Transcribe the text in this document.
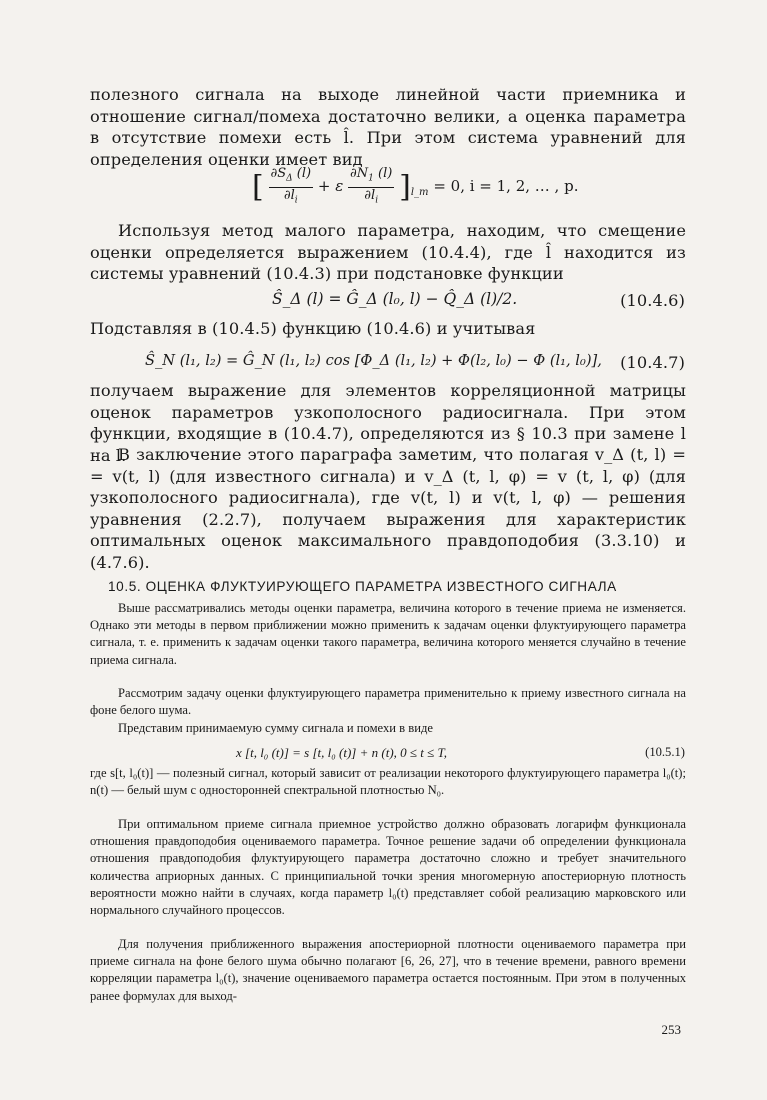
полезного сигнала на выходе линейной части приемника и отношение сигнал/помеха достаточно велики, а оценка параметра в отсутствие помехи есть l̂. При этом система уравнений для определения оценки имеет вид

[ $\frac{\partial S_\Delta (l)}{\partial l_i} + \varepsilon \frac{\partial N_1 (l)}{\partial l_i} ]_{l\_m} = 0$, i = 1, 2, … , p.

Используя метод малого параметра, находим, что смещение оценки определяется выражением (10.4.4), где l̂ находится из системы уравнений (10.4.3) при подстановке функции

Ŝ_Δ (l) = Ĝ_Δ (l₀, l) − Q̂_Δ (l)/2.	(10.4.6)

Подставляя в (10.4.5) функцию (10.4.6) и учитывая

Ŝ_N (l₁, l₂) = Ĝ_N (l₁, l₂) cos [Φ_Δ (l₁, l₂) + Φ(l₂, l₀) − Φ (l₁, l₀)], (10.4.7)

получаем выражение для элементов корреляционной матрицы оценок параметров узкополосного радиосигнала. При этом функции, входящие в (10.4.7), определяются из § 10.3 при замене l на l.

В заключение этого параграфа заметим, что полагая v_Δ (t, l) = = v(t, l) (для известного сигнала) и v_Δ (t, l, φ) = v (t, l, φ) (для узкополосного радиосигнала), где v(t, l) и v(t, l, φ) — решения уравнения (2.2.7), получаем выражения для характеристик оптимальных оценок максимального правдоподобия (3.3.10) и (4.7.6).

10.5. ОЦЕНКА ФЛУКТУИРУЮЩЕГО ПАРАМЕТРА ИЗВЕСТНОГО СИГНАЛА

Выше рассматривались методы оценки параметра, величина которого в течение приема не изменяется. Однако эти методы в первом приближении можно применить к задачам оценки флуктуирующего параметра сигнала, т. е. применить к задачам оценки такого параметра, величина которого меняется случайно в течение приема сигнала.

Рассмотрим задачу оценки флуктуирующего параметра применительно к приему известного сигнала на фоне белого шума.

Представим принимаемую сумму сигнала и помехи в виде

x [t, l₀ (t)] = s [t, l₀ (t)] + n (t), 0 ≤ t ≤ T,	(10.5.1)

где s[t, l₀(t)] — полезный сигнал, который зависит от реализации некоторого флуктуирующего параметра l₀(t); n(t) — белый шум с односторонней спектральной плотностью N₀.

При оптимальном приеме сигнала приемное устройство должно образовать логарифм функционала отношения правдоподобия оцениваемого параметра. Точное решение задачи об определении функционала отношения правдоподобия флуктуирующего параметра достаточно сложно и требует значительного количества априорных данных. С принципиальной точки зрения многомерную апостериорную плотность вероятности можно найти в случаях, когда параметр l₀(t) представляет собой реализацию марковского или нормального случайного процессов.

Для получения приближенного выражения апостериорной плотности оцениваемого параметра при приеме сигнала на фоне белого шума обычно полагают [6, 26, 27], что в течение времени, равного времени корреляции параметра l₀(t), значение оцениваемого параметра остается постоянным. При этом в полученных ранее формулах для выход-

253
